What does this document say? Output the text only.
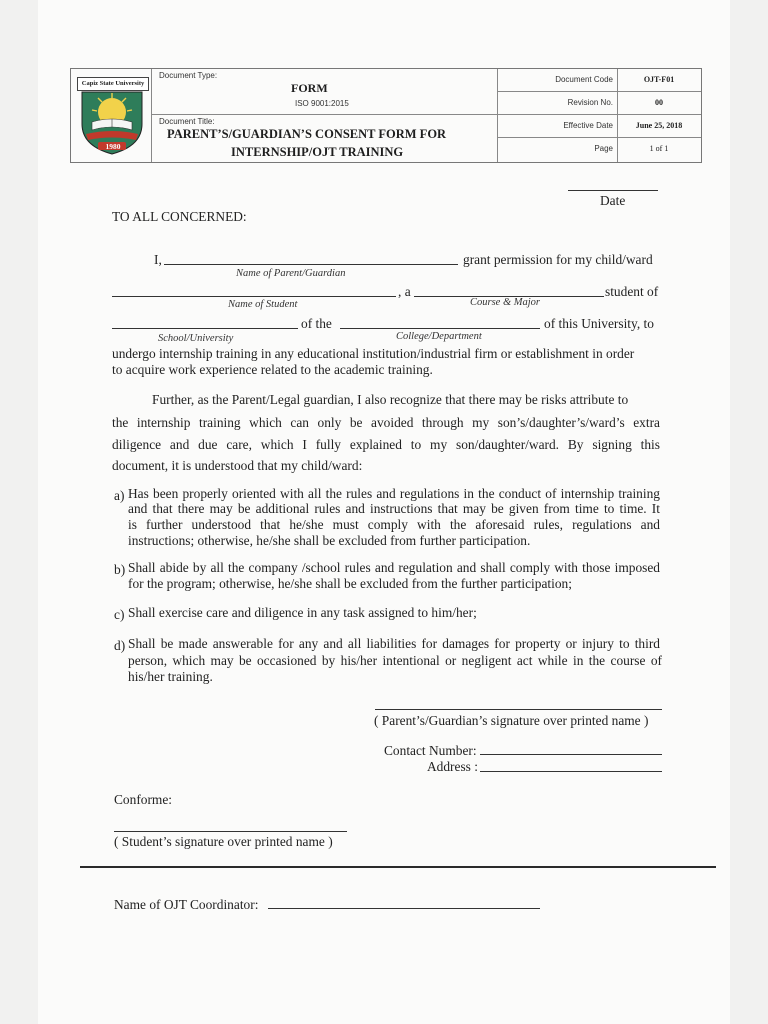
Capiz State University
1980
Document Type:
FORM
ISO 9001:2015
Document Title:
PARENT’S/GUARDIAN’S CONSENT FORM FOR
INTERNSHIP/OJT TRAINING
Document Code	OJT-F01
Revision No.	00
Effective Date	June 25, 2018
Page	1 of 1
Date
TO ALL CONCERNED:
I,	grant permission for my child/ward
Name of Parent/Guardian
, a	student of
Name of Student	Course & Major
of the	of this University, to
School/University	College/Department
undergo internship training in any educational institution/industrial firm or establishment in order
to acquire work experience related to the academic training.
Further, as the Parent/Legal guardian, I also recognize that there may be risks attribute to
the internship training which can only be avoided through my son’s/daughter’s/ward’s extra
diligence and due care, which I fully explained to my son/daughter/ward. By signing this
document, it is understood that my child/ward:
a) Has been properly oriented with all the rules and regulations in the conduct of internship training
and that there may be additional rules and instructions that may be given from time to time. It
is further understood that he/she must comply with the aforesaid rules, regulations and
instructions; otherwise, he/she shall be excluded from further participation.
b) Shall abide by all the company /school rules and regulation and shall comply with those imposed
for the program; otherwise, he/she shall be excluded from the further participation;
c) Shall exercise care and diligence in any task assigned to him/her;
d) Shall be made answerable for any and all liabilities for damages for property or injury to third
person, which may be occasioned by his/her intentional or negligent act while in the course of
his/her training.
( Parent’s/Guardian’s signature over printed name )
Contact Number:
Address :
Conforme:
( Student’s signature over printed name )
Name of OJT Coordinator:
